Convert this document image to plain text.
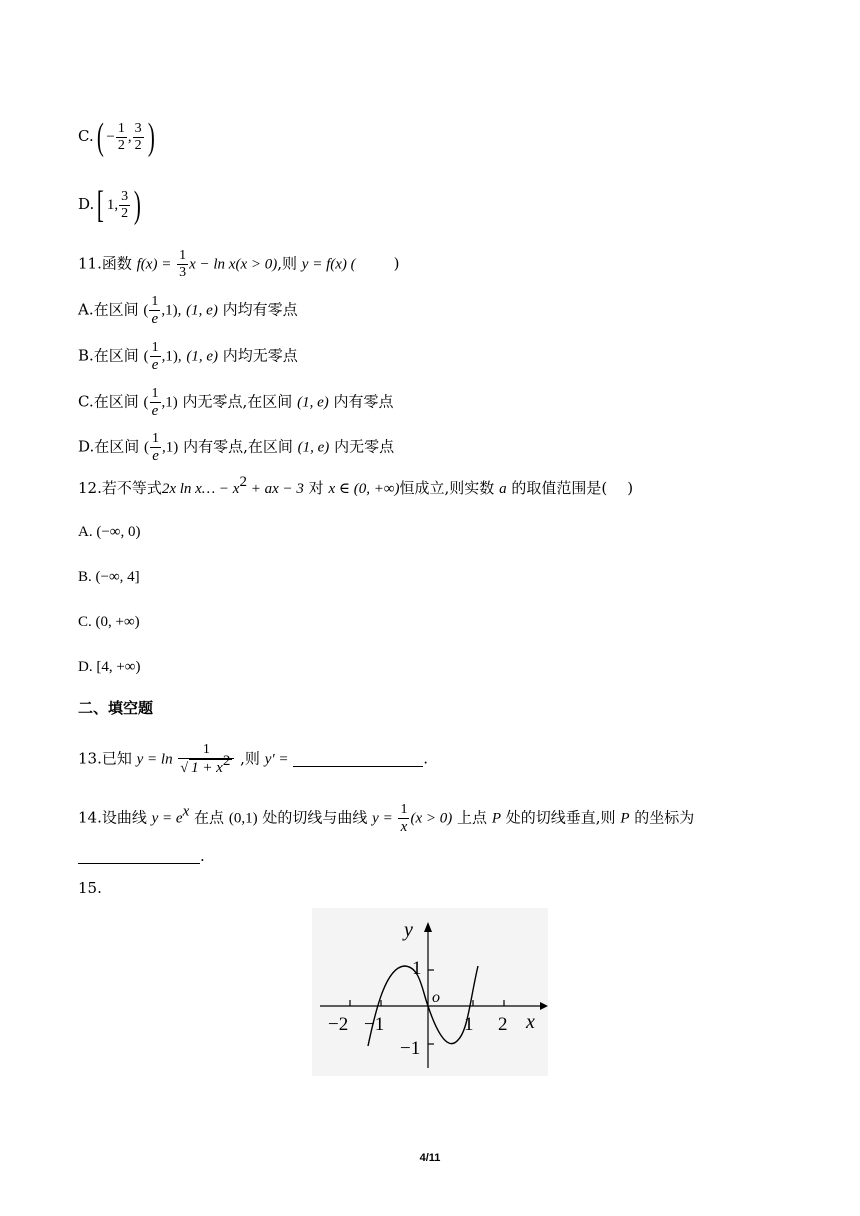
$C.( - \frac{1}{2}$ , $\frac{3}{2}$ )
D.[ 1, $\frac{3}{2}$ )
11.函数 $f(x) = \frac{1}{3}$ x − ln x(x > 0),则 y = f(x) (	)
A.在区间 ( $\frac{1}{e} ,1$), (1, e) 内均有零点
B.在区间 ( $\frac{1}{e} ,1$), (1, e) 内均无零点
C.在区间 ( $\frac{1}{e} ,1$) 内无零点,在区间 (1, e) 内有零点
D.在区间 ( $\frac{1}{e} ,1$) 内有零点,在区间 (1, e) 内无零点
12.若不等式2x ln x… − $x^2$ + ax − 3 对 x ∈ (0, +∞)恒成立,则实数 a 的取值范围是( )
A. (−∞, 0)
B. (−∞, 4]
C. (0, +∞)
D. [4, +∞)
二、填空题
13.已知 $y = \ln \frac{1}{√ 1 + x^2}$ ,则 y′ =	.
14.设曲线 $y = e^x$ 在点 (0,1) 处的切线与曲线 $y = \frac{1}{x} (x > 0)$ 上点 P 处的切线垂直,则 P 的坐标为
.
15.
y
x
o
−2 −1	1 2
1
−1
4/11
